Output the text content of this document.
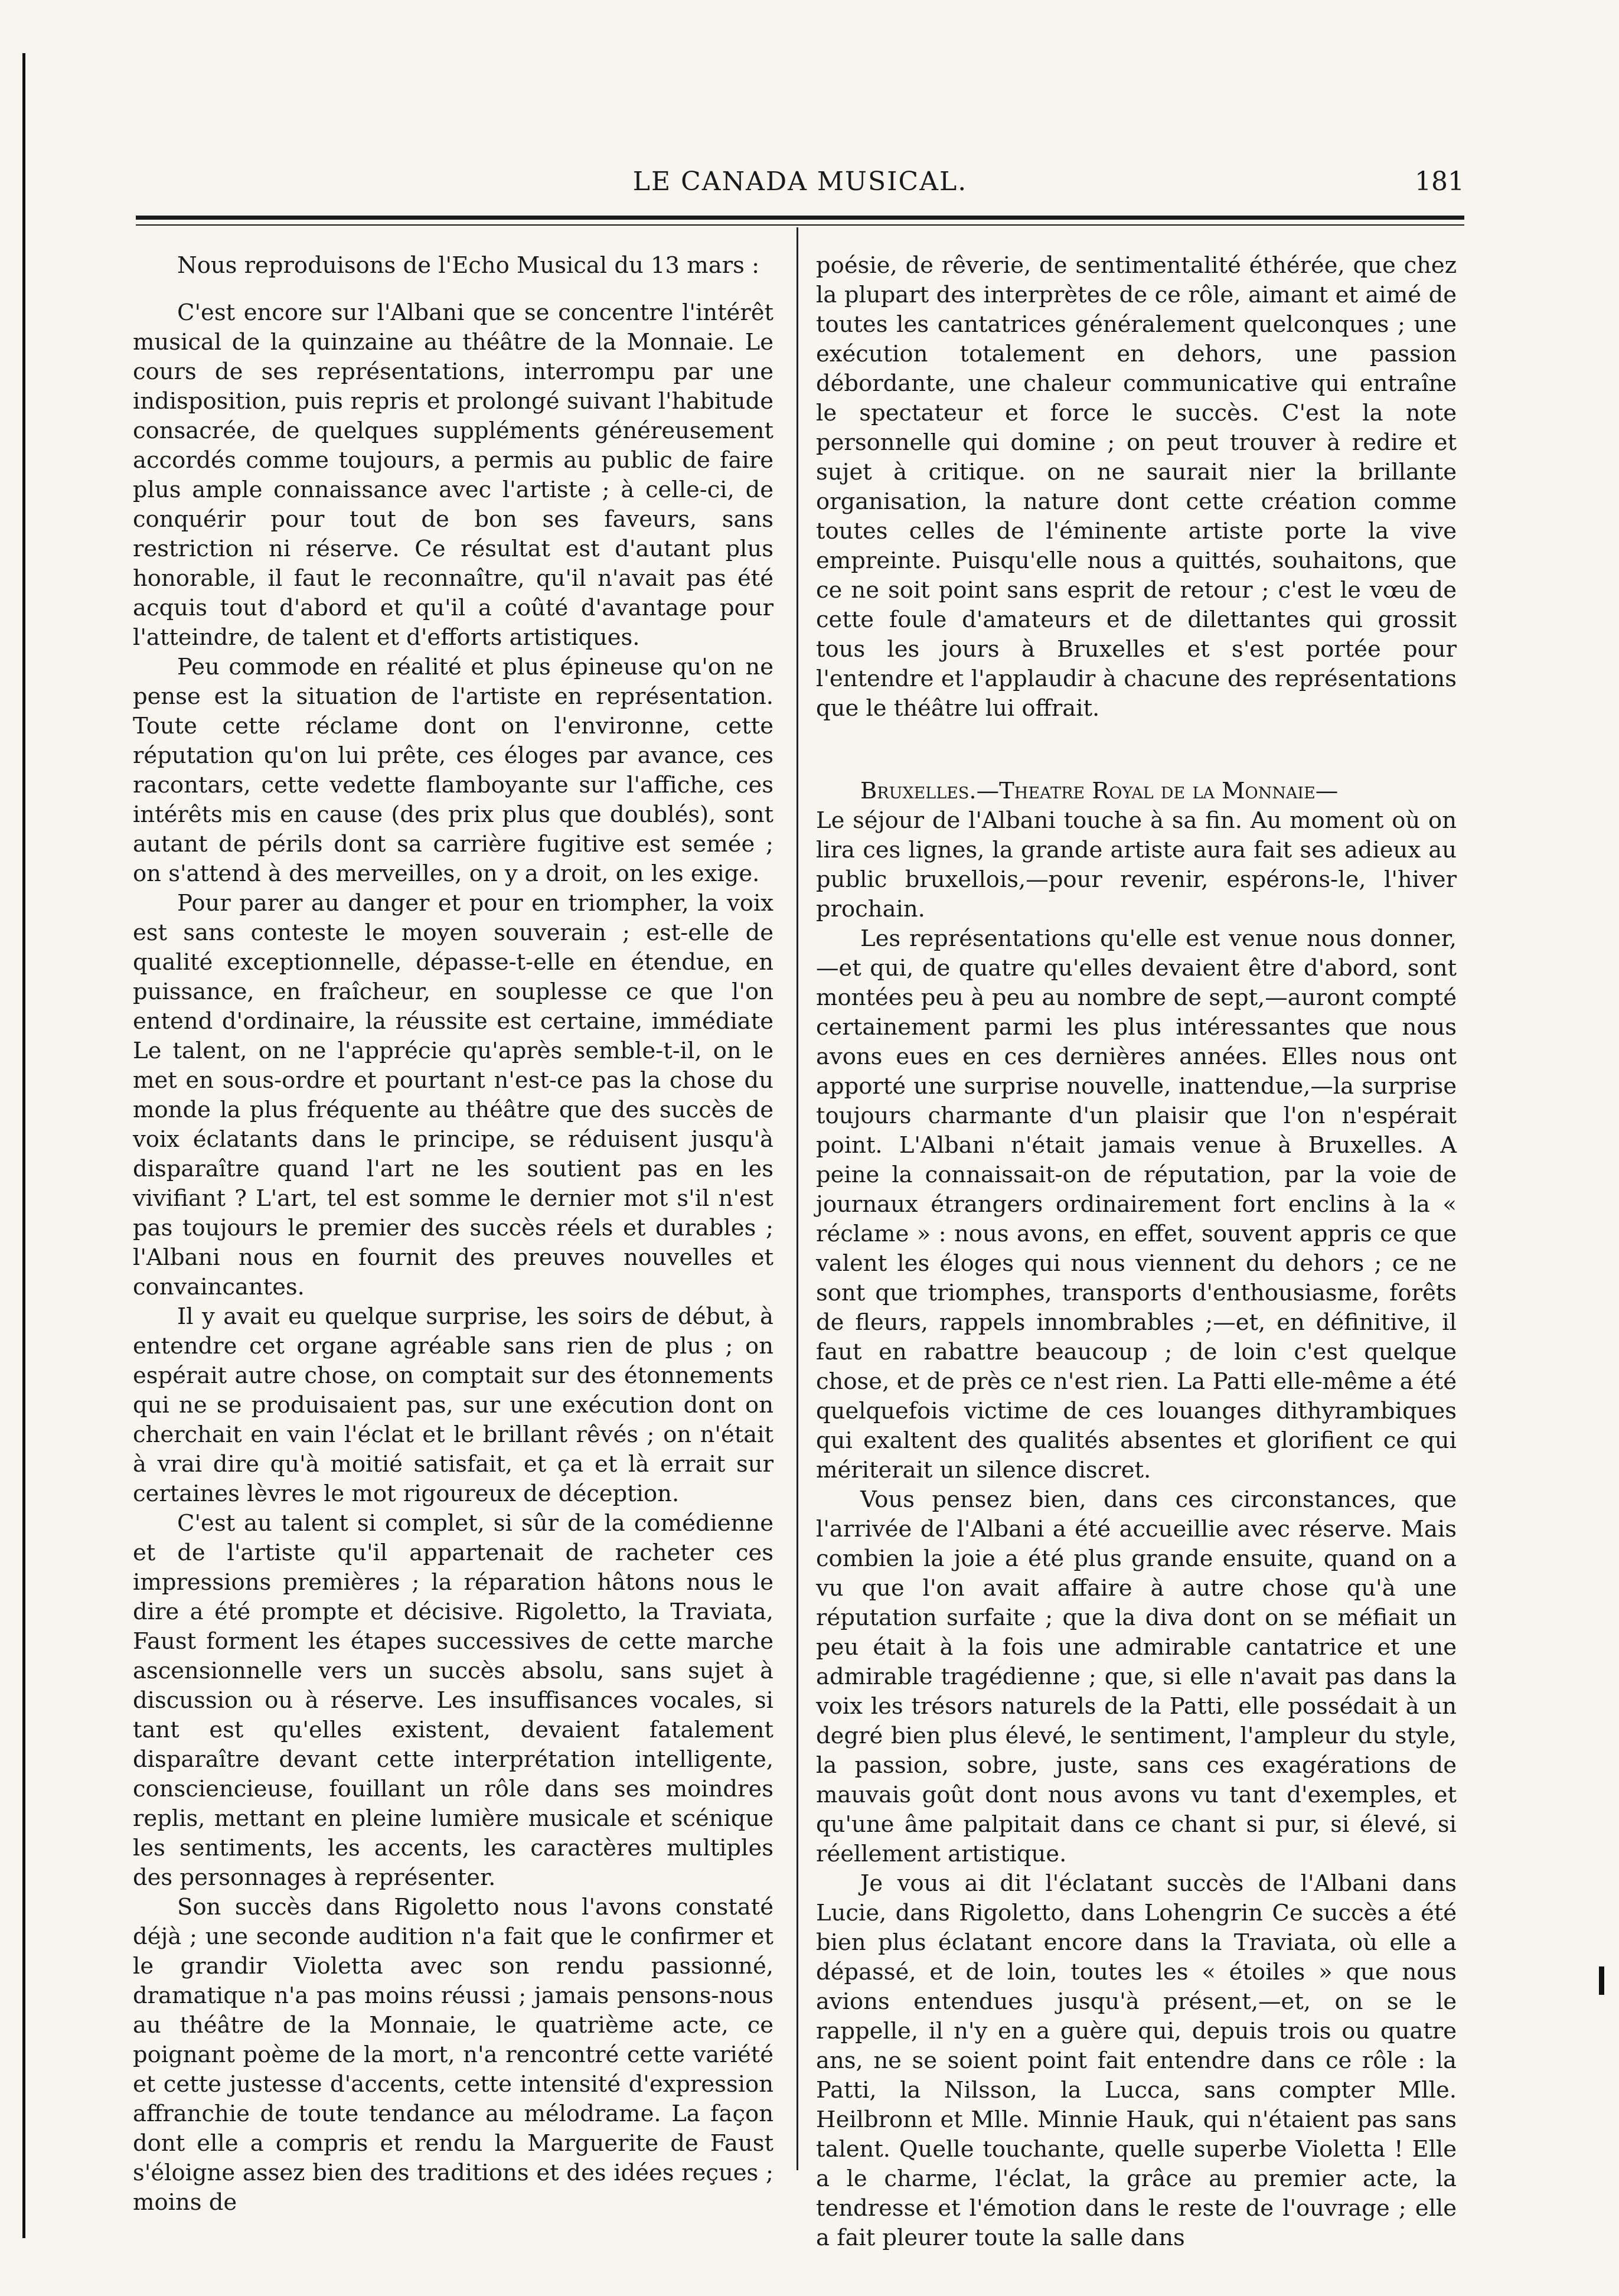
LE CANADA MUSICAL.	181

Nous reproduisons de l'Echo Musical du 13 mars :

C'est encore sur l'Albani que se concentre l'intérêt musical de la quinzaine au théâtre de la Monnaie. Le cours de ses représentations, interrompu par une indisposition, puis repris et prolongé suivant l'habitude consacrée, de quelques suppléments généreusement accordés comme toujours, a permis au public de faire plus ample connaissance avec l'artiste ; à celle-ci, de conquérir pour tout de bon ses faveurs, sans restriction ni réserve. Ce résultat est d'autant plus honorable, il faut le reconnaître, qu'il n'avait pas été acquis tout d'abord et qu'il a coûté d'avantage pour l'atteindre, de talent et d'efforts artistiques.

Peu commode en réalité et plus épineuse qu'on ne pense est la situation de l'artiste en représentation. Toute cette réclame dont on l'environne, cette réputation qu'on lui prête, ces éloges par avance, ces racontars, cette vedette flamboyante sur l'affiche, ces intérêts mis en cause (des prix plus que doublés), sont autant de périls dont sa carrière fugitive est semée ; on s'attend à des merveilles, on y a droit, on les exige.

Pour parer au danger et pour en triompher, la voix est sans conteste le moyen souverain ; est-elle de qualité exceptionnelle, dépasse-t-elle en étendue, en puissance, en fraîcheur, en souplesse ce que l'on entend d'ordinaire, la réussite est certaine, immédiate Le talent, on ne l'apprécie qu'après semble-t-il, on le met en sous-ordre et pourtant n'est-ce pas la chose du monde la plus fréquente au théâtre que des succès de voix éclatants dans le principe, se réduisent jusqu'à disparaître quand l'art ne les soutient pas en les vivifiant ? L'art, tel est somme le dernier mot s'il n'est pas toujours le premier des succès réels et durables ; l'Albani nous en fournit des preuves nouvelles et convaincantes.

Il y avait eu quelque surprise, les soirs de début, à entendre cet organe agréable sans rien de plus ; on espérait autre chose, on comptait sur des étonnements qui ne se produisaient pas, sur une exécution dont on cherchait en vain l'éclat et le brillant rêvés ; on n'était à vrai dire qu'à moitié satisfait, et ça et là errait sur certaines lèvres le mot rigoureux de déception.

C'est au talent si complet, si sûr de la comédienne et de l'artiste qu'il appartenait de racheter ces impressions premières ; la réparation hâtons nous le dire a été prompte et décisive. Rigoletto, la Traviata, Faust forment les étapes successives de cette marche ascensionnelle vers un succès absolu, sans sujet à discussion ou à réserve. Les insuffisances vocales, si tant est qu'elles existent, devaient fatalement disparaître devant cette interprétation intelligente, consciencieuse, fouillant un rôle dans ses moindres replis, mettant en pleine lumière musicale et scénique les sentiments, les accents, les caractères multiples des personnages à représenter.

Son succès dans Rigoletto nous l'avons constaté déjà ; une seconde audition n'a fait que le confirmer et le grandir Violetta avec son rendu passionné, dramatique n'a pas moins réussi ; jamais pensons-nous au théâtre de la Monnaie, le quatrième acte, ce poignant poème de la mort, n'a rencontré cette variété et cette justesse d'accents, cette intensité d'expression affranchie de toute tendance au mélodrame. La façon dont elle a compris et rendu la Marguerite de Faust s'éloigne assez bien des traditions et des idées reçues ; moins de

poésie, de rêverie, de sentimentalité éthérée, que chez la plupart des interprètes de ce rôle, aimant et aimé de toutes les cantatrices généralement quelconques ; une exécution totalement en dehors, une passion débordante, une chaleur communicative qui entraîne le spectateur et force le succès. C'est la note personnelle qui domine ; on peut trouver à redire et sujet à critique. on ne saurait nier la brillante organisation, la nature dont cette création comme toutes celles de l'éminente artiste porte la vive empreinte. Puisqu'elle nous a quittés, souhaitons, que ce ne soit point sans esprit de retour ; c'est le vœu de cette foule d'amateurs et de dilettantes qui grossit tous les jours à Bruxelles et s'est portée pour l'entendre et l'applaudir à chacune des représentations que le théâtre lui offrait.

Bruxelles.—Theatre Royal de la Monnaie—

Le séjour de l'Albani touche à sa fin. Au moment où on lira ces lignes, la grande artiste aura fait ses adieux au public bruxellois,—pour revenir, espérons-le, l'hiver prochain.

Les représentations qu'elle est venue nous donner, —et qui, de quatre qu'elles devaient être d'abord, sont montées peu à peu au nombre de sept,—auront compté certainement parmi les plus intéressantes que nous avons eues en ces dernières années. Elles nous ont apporté une surprise nouvelle, inattendue,—la surprise toujours charmante d'un plaisir que l'on n'espérait point. L'Albani n'était jamais venue à Bruxelles. A peine la connaissait-on de réputation, par la voie de journaux étrangers ordinairement fort enclins à la « réclame » : nous avons, en effet, souvent appris ce que valent les éloges qui nous viennent du dehors ; ce ne sont que triomphes, transports d'enthousiasme, forêts de fleurs, rappels innombrables ;—et, en définitive, il faut en rabattre beaucoup ; de loin c'est quelque chose, et de près ce n'est rien. La Patti elle-même a été quelquefois victime de ces louanges dithyrambiques qui exaltent des qualités absentes et glorifient ce qui mériterait un silence discret.

Vous pensez bien, dans ces circonstances, que l'arrivée de l'Albani a été accueillie avec réserve. Mais combien la joie a été plus grande ensuite, quand on a vu que l'on avait affaire à autre chose qu'à une réputation surfaite ; que la diva dont on se méfiait un peu était à la fois une admirable cantatrice et une admirable tragédienne ; que, si elle n'avait pas dans la voix les trésors naturels de la Patti, elle possédait à un degré bien plus élevé, le sentiment, l'ampleur du style, la passion, sobre, juste, sans ces exagérations de mauvais goût dont nous avons vu tant d'exemples, et qu'une âme palpitait dans ce chant si pur, si élevé, si réellement artistique.

Je vous ai dit l'éclatant succès de l'Albani dans Lucie, dans Rigoletto, dans Lohengrin Ce succès a été bien plus éclatant encore dans la Traviata, où elle a dépassé, et de loin, toutes les « étoiles » que nous avions entendues jusqu'à présent,—et, on se le rappelle, il n'y en a guère qui, depuis trois ou quatre ans, ne se soient point fait entendre dans ce rôle : la Patti, la Nilsson, la Lucca, sans compter Mlle. Heilbronn et Mlle. Minnie Hauk, qui n'étaient pas sans talent. Quelle touchante, quelle superbe Violetta ! Elle a le charme, l'éclat, la grâce au premier acte, la tendresse et l'émotion dans le reste de l'ouvrage ; elle a fait pleurer toute la salle dans
